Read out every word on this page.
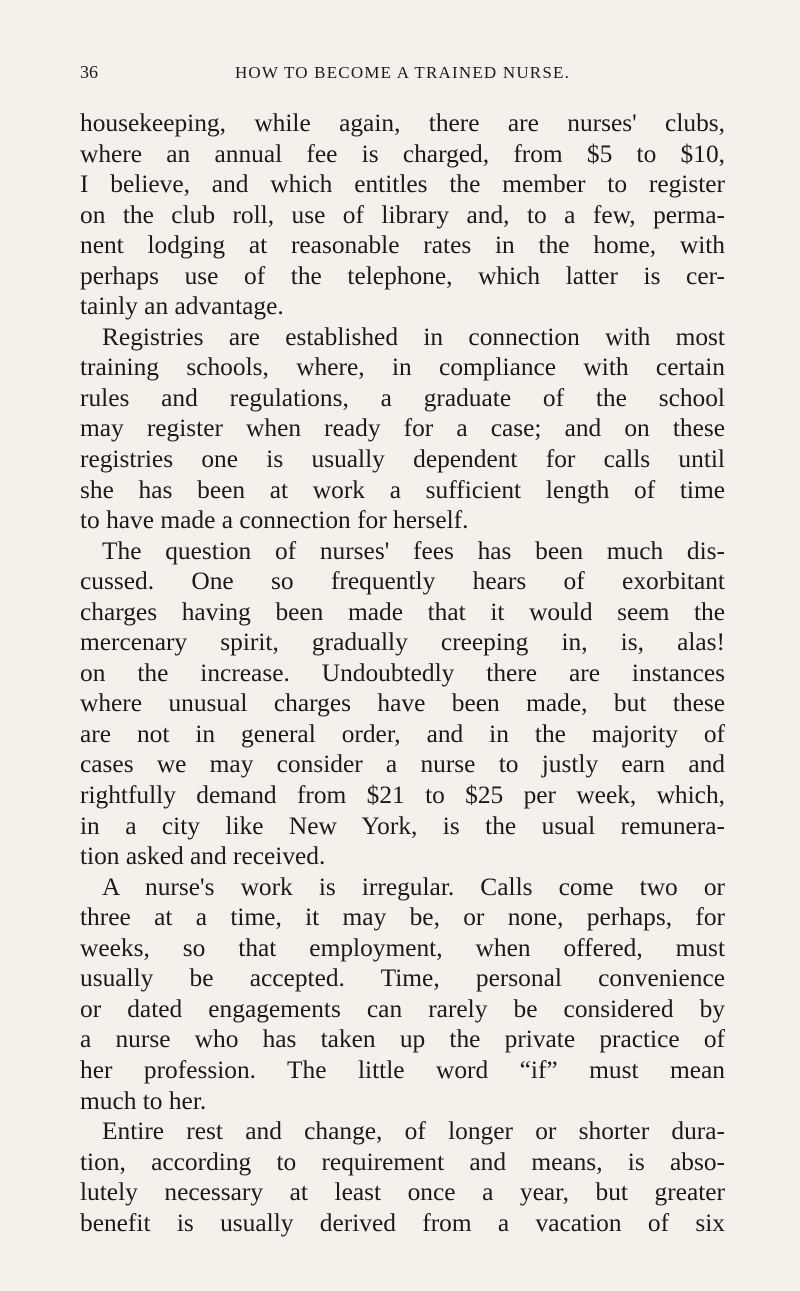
36	HOW TO BECOME A TRAINED NURSE.
housekeeping, while again, there are nurses' clubs,
where an annual fee is charged, from $5 to $10,
I believe, and which entitles the member to register
on the club roll, use of library and, to a few, perma-
nent lodging at reasonable rates in the home, with
perhaps use of the telephone, which latter is cer-
tainly an advantage.
Registries are established in connection with most
training schools, where, in compliance with certain
rules and regulations, a graduate of the school
may register when ready for a case; and on these
registries one is usually dependent for calls until
she has been at work a sufficient length of time
to have made a connection for herself.
The question of nurses' fees has been much dis-
cussed. One so frequently hears of exorbitant
charges having been made that it would seem the
mercenary spirit, gradually creeping in, is, alas!
on the increase. Undoubtedly there are instances
where unusual charges have been made, but these
are not in general order, and in the majority of
cases we may consider a nurse to justly earn and
rightfully demand from $21 to $25 per week, which,
in a city like New York, is the usual remunera-
tion asked and received.
A nurse's work is irregular. Calls come two or
three at a time, it may be, or none, perhaps, for
weeks, so that employment, when offered, must
usually be accepted. Time, personal convenience
or dated engagements can rarely be considered by
a nurse who has taken up the private practice of
her profession. The little word “if” must mean
much to her.
Entire rest and change, of longer or shorter dura-
tion, according to requirement and means, is abso-
lutely necessary at least once a year, but greater
benefit is usually derived from a vacation of six
